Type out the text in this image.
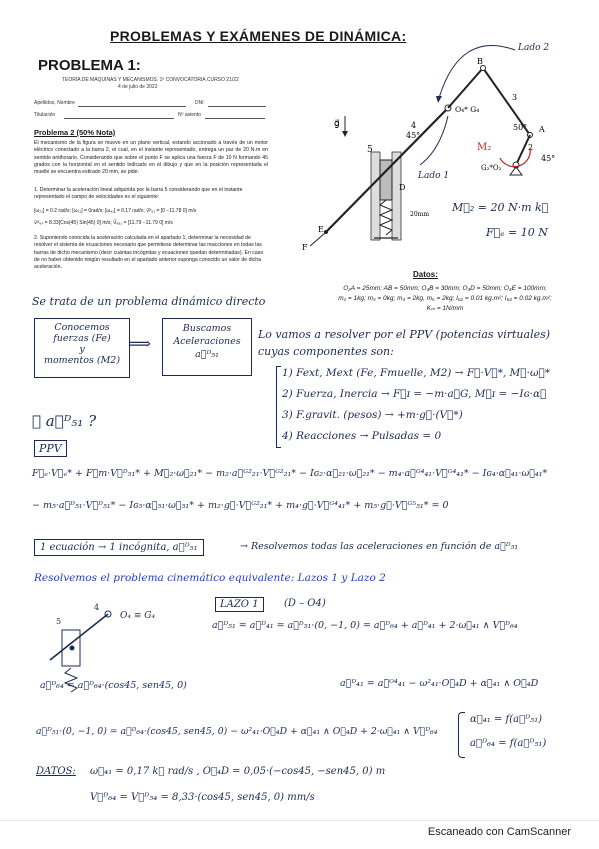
PROBLEMAS Y EXÁMENES DE DINÁMICA:
PROBLEMA 1:
TEORÍA DE MÁQUINAS Y MECANISMOS. 1ª CONVOCATORIA CURSO 21/22
4 de julio de 2022
Apellidos, Nombre	DNI
Titulación	Nº asiento
Problema 2 (50% Nota)
El mecanismo de la figura se mueve en un plano vertical, estando accionado a través de un motor eléctrico conectado a la barra 2, el cual, en el instante representado, entrega un par de 20 N.m en sentido antihorario. Considerando que sobre el punto F se aplica una fuerza F de 10 N formando 45 grados con la horizontal en el sentido indicado en el dibujo y que en la posición representada el muelle se encuentra estirado 20 mm, se pide:
1. Determinar la aceleración lineal adquirida por la barra 5 considerando que en el instante representado el campo de velocidades es el siguiente:
[ω₂₁] = 0.2 rad/s; [ω₃₁] = 0rad/s; [ω₄₁] = 0.17 rad/s; v⃗ᴰ₅₁ = [0 −11.78 0] m/s
v⃗ᴰ₆₄ = 8.33[Cos(45) Sin(45) 0] m/s; V⃗ₑ₅₁ = [11.79 −11.79 0] m/s
2. Suponiendo conocida la aceleración calculada en el apartado 1, determinar la necesidad de resolver el sistema de ecuaciones necesario que permitiese determinar las reacciones en todas las barras de dicho mecanismo (decir cuántas incógnitas y ecuaciones quedan determinadas). En caso de no haber obtenido ningún resultado en el apartado anterior suponga conocido un valor de dicha aceleración.
g⃗
D
5
20mm
E
F
4
45°
O₄* G₄
B
3
50° A
2
45°
G₂*O₂
M₂
Lado 2
Lado 1
M⃗₂ = 20 N·m k⃗
F⃗ₑ = 10 N
Datos:
O₂A = 25mm; AB = 50mm; O₄B = 30mm; O₄D = 50mm; O₄E = 100mm;
m₂ = 1kg; m₃ = 0kg; m₄ = 2kg, m₅ = 2kg; I₆₂ = 0.01 kg.m²; I₆₄ = 0.02 kg.m²;
Kₘ = 1N/mm
Se trata de un problema dinámico directo
Conocemos
fuerzas (Fe)
y
momentos (M2)
⟹
Buscamos
Aceleraciones
a⃗ᴰ₅₁
Lo vamos a resolver por el PPV (potencias virtuales)
cuyas componentes son:
1) Fext, Mext (Fe, Fmuelle, M2) → F⃗·V⃗*, M⃗·ω⃗*
2) Fuerza, Inercia → F⃗ɪ = −m·a⃗G, M⃗ɪ = −Iɢ·α⃗
3) F.gravit. (pesos) → +m·g⃗·(V⃗*)
4) Reacciones → Pulsadas = 0
① a⃗ᴰ₅₁ ?
PPV
F⃗ₑ·V⃗ₑ* + F⃗m·V⃗ᴰ₅₁* + M⃗₂·ω⃗₂₁* − m₂·a⃗ᴳ²₂₁·V⃗ᴳ²₂₁* − Iɢ₂·α⃗₂₁·ω⃗₂₁* − m₄·a⃗ᴳ⁴₄₁·V⃗ᴳ⁴₄₁* − Iɢ₄·α⃗₄₁·ω⃗₄₁*
− m₅·a⃗ᴰ₅₁·V⃗ᴰ₅₁* − Iɢ₅·α⃗₅₁·ω⃗₅₁* + m₂·g⃗·V⃗ᴳ²₂₁* + m₄·g⃗·V⃗ᴳ⁴₄₁* + m₅·g⃗·V⃗ᴳ⁵₅₁* = 0
1 ecuación → 1 incógnita, a⃗ᴰ₅₁	→ Resolvemos todas las aceleraciones en función de a⃗ᴰ₅₁
Resolvemos el problema cinemático equivalente: Lazos 1 y Lazo 2
LAZO 1	(D – O4)
O₄ ≡ G₄
5
4
a⃗ᴰ₅₁ = a⃗ᴰ₄₁ = a⃗ᴰ₅₁·(0, −1, 0) = a⃗ᴰ₆₄ + a⃗ᴰ₄₁ + 2·ω⃗₄₁ ∧ V⃗ᴰ₆₄
a⃗ᴰ₆₄ = a⃗ᴰ₆₄·(cos45, sen45, 0)	a⃗ᴰ₄₁ = a⃗ᴼ⁴₄₁ − ω²₄₁·O⃗₄D + α⃗₄₁ ∧ O⃗₄D
a⃗ᴰ₅₁·(0, −1, 0) = a⃗ᴰ₆₄·(cos45, sen45, 0) − ω²₄₁·O⃗₄D + α⃗₄₁ ∧ O⃗₄D + 2·ω⃗₄₁ ∧ V⃗ᴰ₆₄
α⃗₄₁ = f(a⃗ᴰ₅₁)
a⃗ᴰ₆₄ = f(a⃗ᴰ₅₁)
DATOS: ω⃗₄₁ = 0,17 k⃗ rad/s , O⃗₄D = 0,05·(−cos45, −sen45, 0) m
V⃗ᴰ₆₄ = V⃗ᴰ₅₄ = 8,33·(cos45, sen45, 0) mm/s
Escaneado con CamScanner
